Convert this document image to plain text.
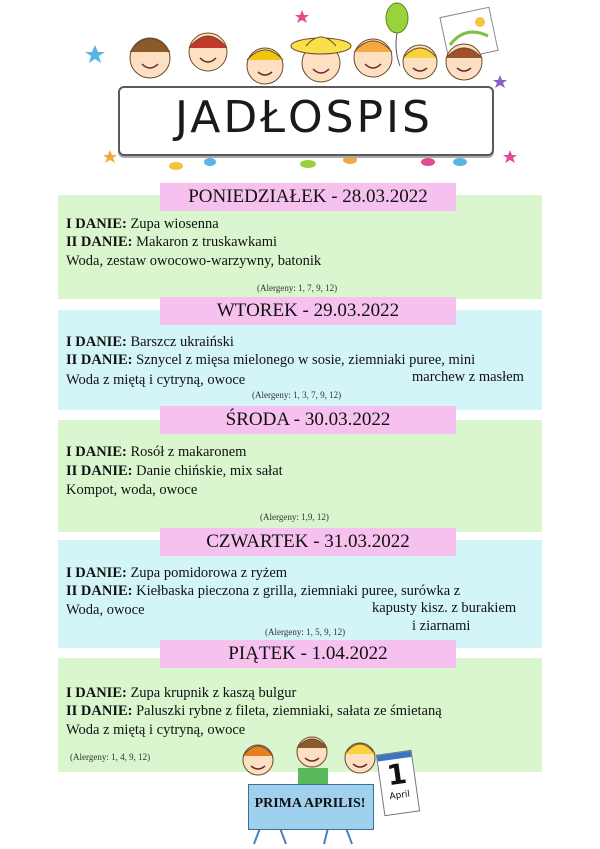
JADŁOSPIS
PONIEDZIAŁEK - 28.03.2022
I DANIE: Zupa wiosenna
II DANIE: Makaron z truskawkami
Woda, zestaw owocowo-warzywny, batonik
(Alergeny: 1, 7, 9, 12)
WTOREK - 29.03.2022
I DANIE: Barszcz ukraiński
II DANIE: Sznycel z mięsa mielonego w sosie, ziemniaki puree, mini
marchew z masłem
Woda z miętą i cytryną, owoce
(Alergeny: 1, 3, 7, 9, 12)
ŚRODA - 30.03.2022
I DANIE: Rosół z makaronem
II DANIE: Danie chińskie, mix sałat
Kompot, woda, owoce
(Alergeny: 1,9, 12)
CZWARTEK - 31.03.2022
I DANIE: Zupa pomidorowa z ryżem
II DANIE: Kiełbaska pieczona z grilla, ziemniaki puree, surówka z
kapusty kisz. z burakiem
Woda, owoce
i ziarnami
(Alergeny: 1, 5, 9, 12)
PIĄTEK - 1.04.2022
I DANIE: Zupa krupnik z kaszą bulgur
II DANIE: Paluszki rybne z fileta, ziemniaki, sałata ze śmietaną
Woda z miętą i cytryną, owoce
(Alergeny: 1, 4, 9, 12)
PRIMA APRILIS!
1
April
